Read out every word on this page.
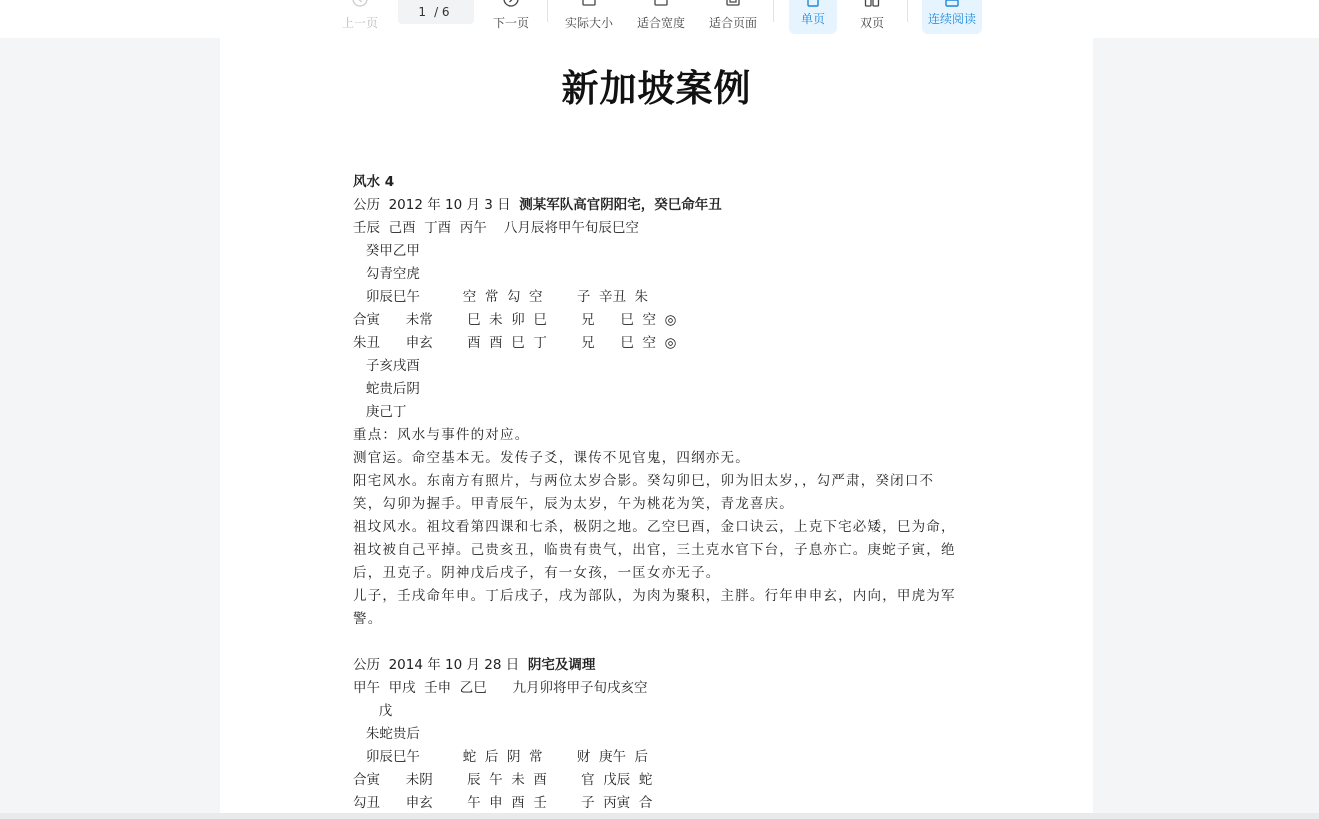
上一页
1 / 6
下一页	实际大小 适合宽度 适合页面	单页	双页	连续阅读
新加坡案例
风水 4
公历  2012 年 10 月 3 日  测某军队高官阴阳宅，癸巳命年丑
壬辰  己酉  丁酉  丙午    八月辰将甲午旬辰巳空
癸甲乙甲
勾青空虎
卯辰巳午          空  常  勾  空        子  辛丑  朱
合寅      未常        巳  未  卯  巳        兄      巳  空  ◎
朱丑      申玄        酉  酉  巳  丁        兄      巳  空  ◎
子亥戌酉
蛇贵后阴
庚己丁
重点：风水与事件的对应。
测官运。命空基本无。发传子爻，课传不见官鬼，四纲亦无。
阳宅风水。东南方有照片，与两位太岁合影。癸勾卯巳，卯为旧太岁，，勾严肃，癸闭口不笑，勾卯为握手。甲青辰午，辰为太岁，午为桃花为笑，青龙喜庆。
祖坟风水。祖坟看第四课和七杀，极阴之地。乙空巳酉，金口诀云，上克下宅必矮，巳为命，祖坟被自己平掉。己贵亥丑，临贵有贵气，出官，三土克水官下台，子息亦亡。庚蛇子寅，绝后，丑克子。阴神戊后戌子，有一女孩，一匡女亦无子。
儿子，壬戌命年申。丁后戌子，戌为部队，为肉为聚积，主胖。行年申申玄，内向，甲虎为军警。
公历  2014 年 10 月 28 日  阴宅及调理
甲午  甲戌  壬申  乙巳      九月卯将甲子旬戌亥空
戊
朱蛇贵后
卯辰巳午          蛇  后  阴  常        财  庚午  后
合寅      未阴        辰  午  未  酉        官  戊辰  蛇
勾丑      申玄        午  申  酉  壬        子  丙寅  合
